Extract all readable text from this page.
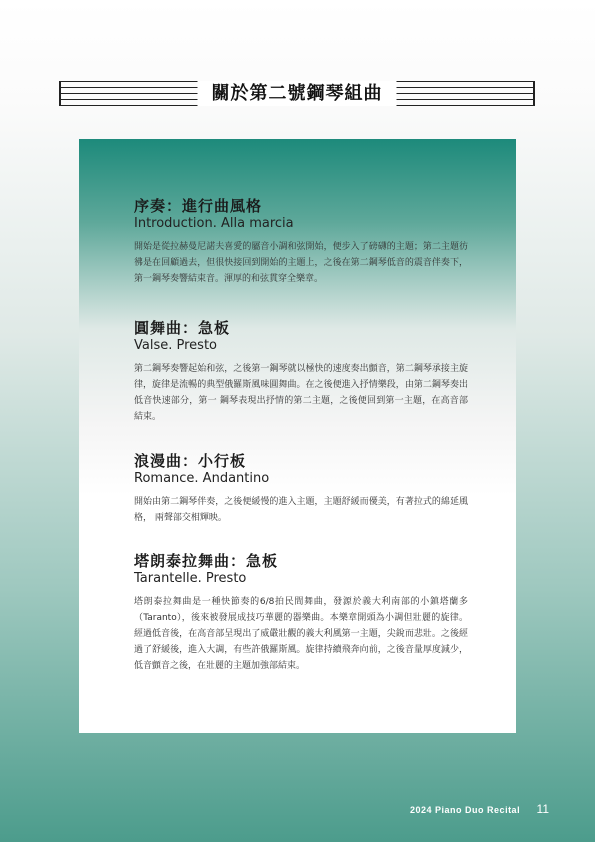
關於第二號鋼琴組曲
序奏：進行曲風格
Introduction. Alla marcia
開始是從拉赫曼尼諾夫喜愛的屬音小調和弦開始，便步入了磅礴的主題；第二主題彷彿是在回顧過去，但很快接回到開始的主題上，之後在第二鋼琴低音的震音伴奏下，第一鋼琴奏響結束音。渾厚的和弦貫穿全樂章。
圓舞曲：急板
Valse. Presto
第二鋼琴奏響起始和弦，之後第一鋼琴就以極快的速度奏出顫音，第二鋼琴承接主旋律，旋律是流暢的典型俄羅斯風味圓舞曲。在之後便進入抒情樂段，由第二鋼琴奏出低音快速部分，第一 鋼琴表現出抒情的第二主題，之後便回到第一主題，在高音部結束。
浪漫曲：小行板
Romance. Andantino
開始由第二鋼琴伴奏，之後便緩慢的進入主題，主題舒緩而優美，有著拉式的綿延風格， 兩聲部交相輝映。
塔朗泰拉舞曲：急板
Tarantelle. Presto
塔朗泰拉舞曲是一種快節奏的6/8拍民間舞曲，發源於義大利南部的小鎮塔蘭多（Taranto），後來被發展成技巧華麗的器樂曲。本樂章開頭為小調但壯麗的旋律。經過低音後，在高音部呈現出了威嚴壯觀的義大利風第一主題，尖銳而悲壯。之後經過了舒緩後，進入大調，有些許俄羅斯風。旋律持續飛奔向前，之後音量厚度減少，低音顫音之後，在壯麗的主題加強部結束。
2024 Piano Duo Recital 11
